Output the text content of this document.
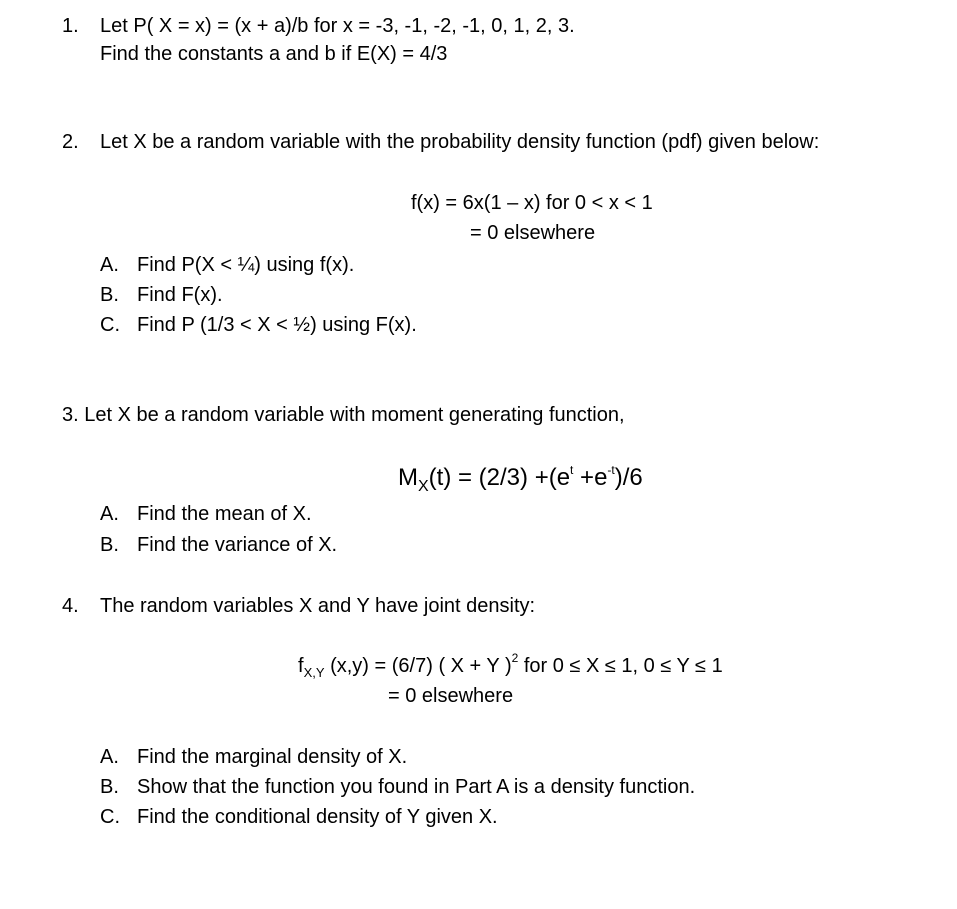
1. Let P( X = x) = (x + a)/b for x = -3, -1, -2, -1, 0, 1, 2, 3.
Find the constants a and b if E(X) = 4/3
2. Let X be a random variable with the probability density function (pdf) given below:
f(x) = 6x(1 – x) for 0 < x < 1
= 0 elsewhere
A. Find P(X < ¼) using f(x).
B. Find F(x).
C. Find P (1/3 < X < ½) using F(x).
3. Let X be a random variable with moment generating function,
$M_X(t) = (2/3) +(e^t +e^{-t})/6$
A. Find the mean of X.
B. Find the variance of X.
4. The random variables X and Y have joint density:
$f_{X,Y}$ (x,y) = (6/7) ( X + Y )$^2$ for 0 ≤ X ≤ 1, 0 ≤ Y ≤ 1
= 0 elsewhere
A. Find the marginal density of X.
B. Show that the function you found in Part A is a density function.
C. Find the conditional density of Y given X.
